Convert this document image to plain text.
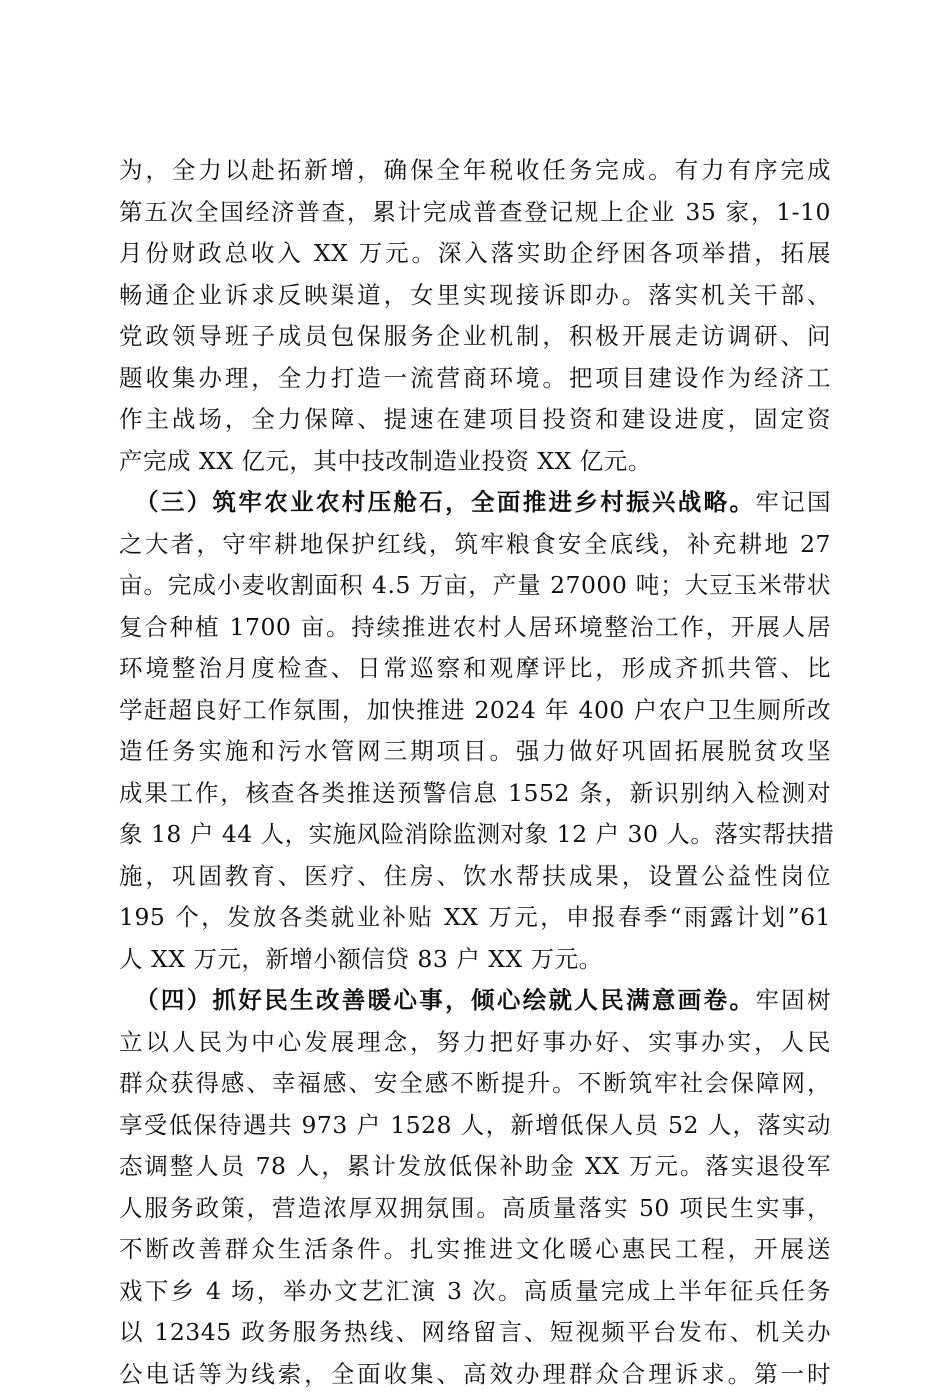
为，全力以赴拓新增，确保全年税收任务完成。有力有序完成
第五次全国经济普查，累计完成普查登记规上企业 35 家，1-10
月份财政总收入 XX 万元。深入落实助企纾困各项举措，拓展
畅通企业诉求反映渠道，女里实现接诉即办。落实机关干部、
党政领导班子成员包保服务企业机制，积极开展走访调研、问
题收集办理，全力打造一流营商环境。把项目建设作为经济工
作主战场，全力保障、提速在建项目投资和建设进度，固定资
产完成 XX 亿元，其中技改制造业投资 XX 亿元。
（三）筑牢农业农村压舱石，全面推进乡村振兴战略。牢记国
之大者，守牢耕地保护红线，筑牢粮食安全底线，补充耕地 27
亩。完成小麦收割面积 4.5 万亩，产量 27000 吨；大豆玉米带状
复合种植 1700 亩。持续推进农村人居环境整治工作，开展人居
环境整治月度检查、日常巡察和观摩评比，形成齐抓共管、比
学赶超良好工作氛围，加快推进 2024 年 400 户农户卫生厕所改
造任务实施和污水管网三期项目。强力做好巩固拓展脱贫攻坚
成果工作，核查各类推送预警信息 1552 条，新识别纳入检测对
象 18 户 44 人，实施风险消除监测对象 12 户 30 人。落实帮扶措
施，巩固教育、医疗、住房、饮水帮扶成果，设置公益性岗位
195 个，发放各类就业补贴 XX 万元，申报春季“雨露计划”61
人 XX 万元，新增小额信贷 83 户 XX 万元。
（四）抓好民生改善暖心事，倾心绘就人民满意画卷。牢固树
立以人民为中心发展理念，努力把好事办好、实事办实，人民
群众获得感、幸福感、安全感不断提升。不断筑牢社会保障网，
享受低保待遇共 973 户 1528 人，新增低保人员 52 人，落实动
态调整人员 78 人，累计发放低保补助金 XX 万元。落实退役军
人服务政策，营造浓厚双拥氛围。高质量落实 50 项民生实事，
不断改善群众生活条件。扎实推进文化暖心惠民工程，开展送
戏下乡 4 场，举办文艺汇演 3 次。高质量完成上半年征兵任务
以 12345 政务服务热线、网络留言、短视频平台发布、机关办
公电话等为线索，全面收集、高效办理群众合理诉求。第一时
